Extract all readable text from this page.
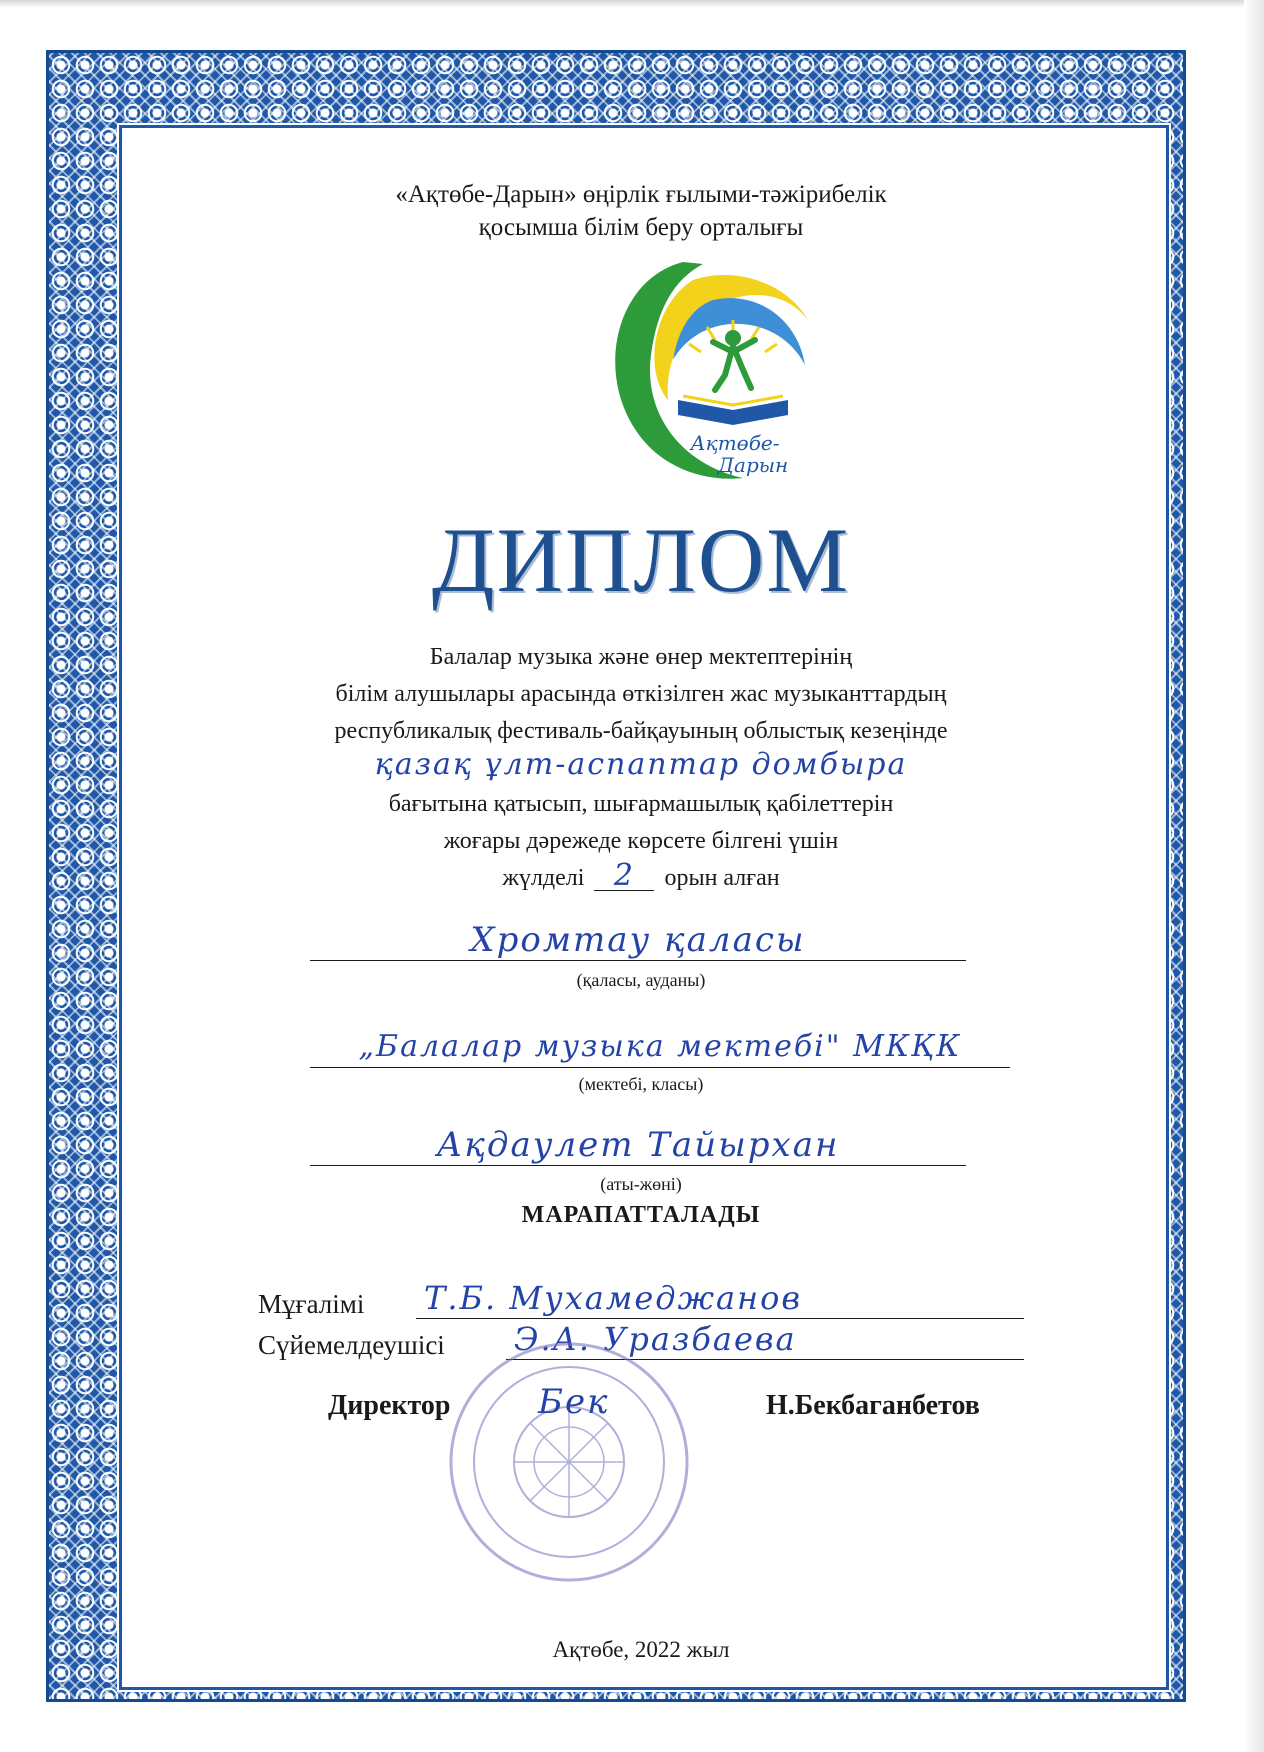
«Ақтөбе-Дарын» өңірлік ғылыми-тәжірибелік
қосымша білім беру орталығы
Ақтөбе-
Дарын
ДИПЛОМ
Балалар музыка және өнер мектептерінің
білім алушылары арасында өткізілген жас музыканттардың
республикалық фестиваль-байқауының облыстық кезеңінде
қазақ ұлт-аспаптар домбыра
бағытына қатысып, шығармашылық қабілеттерін
жоғары дәрежеде көрсете білгені үшін
жүлделі 2 орын алған
Хромтау қаласы
(қаласы, ауданы)
„Балалар музыка мектебі" МКҚК
(мектебі, класы)
Ақдаулет Тайырхан
(аты-жөні)
МАРАПАТТАЛАДЫ
Мұғалімі Т.Б. Мухамеджанов
Сүйемелдеушісі Э.А. Уразбаева
Директор	Бек	Н.Бекбаганбетов
Ақтөбе, 2022 жыл
